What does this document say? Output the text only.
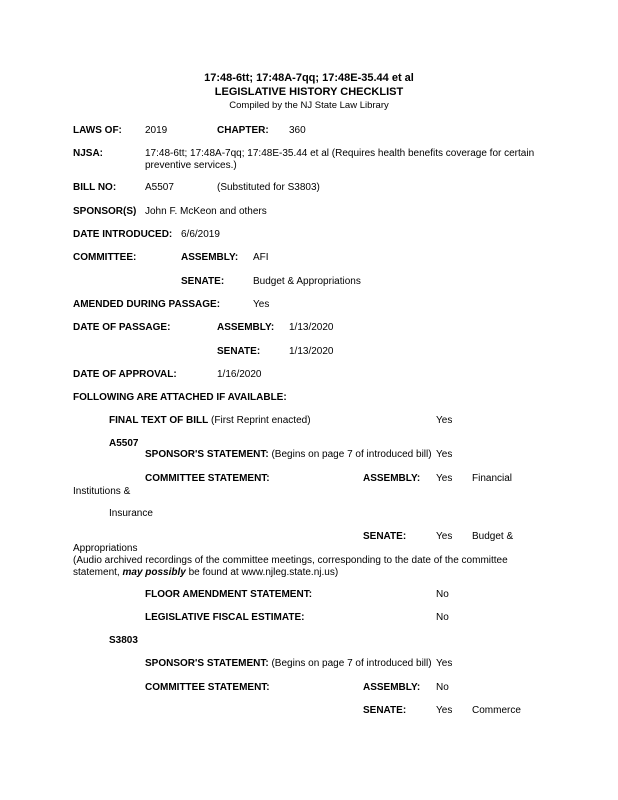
17:48-6tt; 17:48A-7qq; 17:48E-35.44 et al
LEGISLATIVE HISTORY CHECKLIST
Compiled by the NJ State Law Library
LAWS OF: 2019	CHAPTER: 360
NJSA:	17:48-6tt; 17:48A-7qq; 17:48E-35.44 et al (Requires health benefits coverage for certain preventive services.)
BILL NO:	A5507	(Substituted for S3803)
SPONSOR(S) John F. McKeon and others
DATE INTRODUCED: 6/6/2019
COMMITTEE:	ASSEMBLY: AFI
SENATE:	Budget & Appropriations
AMENDED DURING PASSAGE:	Yes
DATE OF PASSAGE:	ASSEMBLY: 1/13/2020
SENATE:	1/13/2020
DATE OF APPROVAL:	1/16/2020
FOLLOWING ARE ATTACHED IF AVAILABLE:
FINAL TEXT OF BILL (First Reprint enacted)	Yes
A5507
SPONSOR'S STATEMENT: (Begins on page 7 of introduced bill) Yes
COMMITTEE STATEMENT:	ASSEMBLY: Yes Financial
Institutions &
Insurance
SENATE:	Yes Budget &
Appropriations
(Audio archived recordings of the committee meetings, corresponding to the date of the committee statement, may possibly be found at www.njleg.state.nj.us)
FLOOR AMENDMENT STATEMENT:	No
LEGISLATIVE FISCAL ESTIMATE:	No
S3803
SPONSOR'S STATEMENT: (Begins on page 7 of introduced bill) Yes
COMMITTEE STATEMENT:	ASSEMBLY: No
SENATE:	Yes Commerce
